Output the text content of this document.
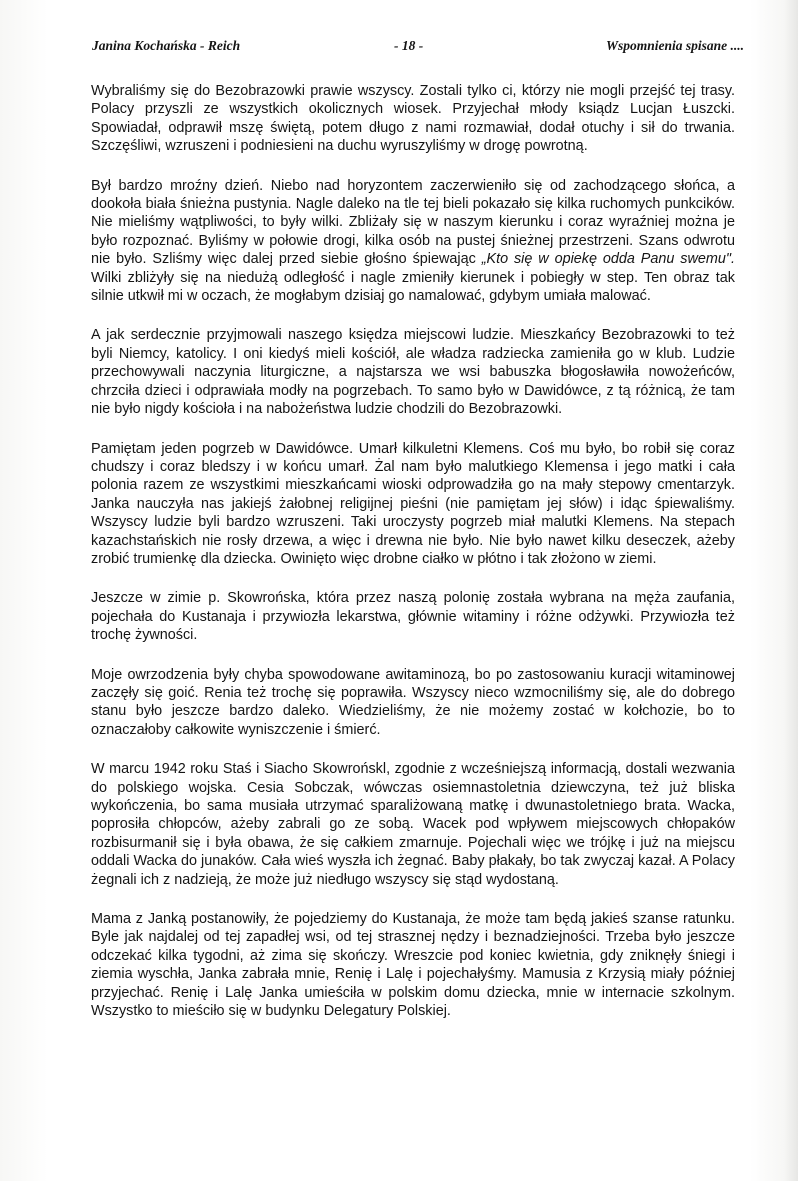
Janina Kochańska - Reich	- 18 -	Wspomnienia spisane ....

Wybraliśmy się do Bezobrazowki prawie wszyscy. Zostali tylko ci, którzy nie mogli przejść tej trasy. Polacy przyszli ze wszystkich okolicznych wiosek. Przyjechał młody ksiądz Lucjan Łuszcki. Spowiadał, odprawił mszę świętą, potem długo z nami rozmawiał, dodał otuchy i sił do trwania. Szczęśliwi, wzruszeni i podniesieni na duchu wyruszyliśmy w drogę powrotną.

Był bardzo mroźny dzień. Niebo nad horyzontem zaczerwieniło się od zachodzącego słońca, a dookoła biała śnieżna pustynia. Nagle daleko na tle tej bieli pokazało się kilka ruchomych punkcików. Nie mieliśmy wątpliwości, to były wilki. Zbliżały się w naszym kierunku i coraz wyraźniej można je było rozpoznać. Byliśmy w połowie drogi, kilka osób na pustej śnieżnej przestrzeni. Szans odwrotu nie było. Szliśmy więc dalej przed siebie głośno śpiewając „Kto się w opiekę odda Panu swemu". Wilki zbliżyły się na niedużą odległość i nagle zmieniły kierunek i pobiegły w step. Ten obraz tak silnie utkwił mi w oczach, że mogłabym dzisiaj go namalować, gdybym umiała malować.

A jak serdecznie przyjmowali naszego księdza miejscowi ludzie. Mieszkańcy Bezobrazowki to też byli Niemcy, katolicy. I oni kiedyś mieli kościół, ale władza radziecka zamieniła go w klub. Ludzie przechowywali naczynia liturgiczne, a najstarsza we wsi babuszka błogosławiła nowożeńców, chrzciła dzieci i odprawiała modły na pogrzebach. To samo było w Dawidówce, z tą różnicą, że tam nie było nigdy kościoła i na nabożeństwa ludzie chodzili do Bezobrazowki.

Pamiętam jeden pogrzeb w Dawidówce. Umarł kilkuletni Klemens. Coś mu było, bo robił się coraz chudszy i coraz bledszy i w końcu umarł. Żal nam było malutkiego Klemensa i jego matki i cała polonia razem ze wszystkimi mieszkańcami wioski odprowadziła go na mały stepowy cmentarzyk. Janka nauczyła nas jakiejś żałobnej religijnej pieśni (nie pamiętam jej słów) i idąc śpiewaliśmy. Wszyscy ludzie byli bardzo wzruszeni. Taki uroczysty pogrzeb miał malutki Klemens. Na stepach kazachstańskich nie rosły drzewa, a więc i drewna nie było. Nie było nawet kilku deseczek, ażeby zrobić trumienkę dla dziecka. Owinięto więc drobne ciałko w płótno i tak złożono w ziemi.

Jeszcze w zimie p. Skowrońska, która przez naszą polonię została wybrana na męża zaufania, pojechała do Kustanaja i przywiozła lekarstwa, głównie witaminy i różne odżywki. Przywiozła też trochę żywności.

Moje owrzodzenia były chyba spowodowane awitaminozą, bo po zastosowaniu kuracji witaminowej zaczęły się goić. Renia też trochę się poprawiła. Wszyscy nieco wzmocniliśmy się, ale do dobrego stanu było jeszcze bardzo daleko. Wiedzieliśmy, że nie możemy zostać w kołchozie, bo to oznaczałoby całkowite wyniszczenie i śmierć.

W marcu 1942 roku Staś i Siacho Skowrońskl, zgodnie z wcześniejszą informacją, dostali wezwania do polskiego wojska. Cesia Sobczak, wówczas osiemnastoletnia dziewczyna, też już bliska wykończenia, bo sama musiała utrzymać sparaliżowaną matkę i dwunastoletniego brata. Wacka, poprosiła chłopców, ażeby zabrali go ze sobą. Wacek pod wpływem miejscowych chłopaków rozbisurmanił się i była obawa, że się całkiem zmarnuje. Pojechali więc we trójkę i już na miejscu oddali Wacka do junaków. Cała wieś wyszła ich żegnać. Baby płakały, bo tak zwyczaj kazał. A Polacy żegnali ich z nadzieją, że może już niedługo wszyscy się stąd wydostaną.

Mama z Janką postanowiły, że pojedziemy do Kustanaja, że może tam będą jakieś szanse ratunku. Byle jak najdalej od tej zapadłej wsi, od tej strasznej nędzy i beznadziejności. Trzeba było jeszcze odczekać kilka tygodni, aż zima się skończy. Wreszcie pod koniec kwietnia, gdy zniknęły śniegi i ziemia wyschła, Janka zabrała mnie, Renię i Lalę i pojechałyśmy. Mamusia z Krzysią miały później przyjechać. Renię i Lalę Janka umieściła w polskim domu dziecka, mnie w internacie szkolnym. Wszystko to mieściło się w budynku Delegatury Polskiej.
